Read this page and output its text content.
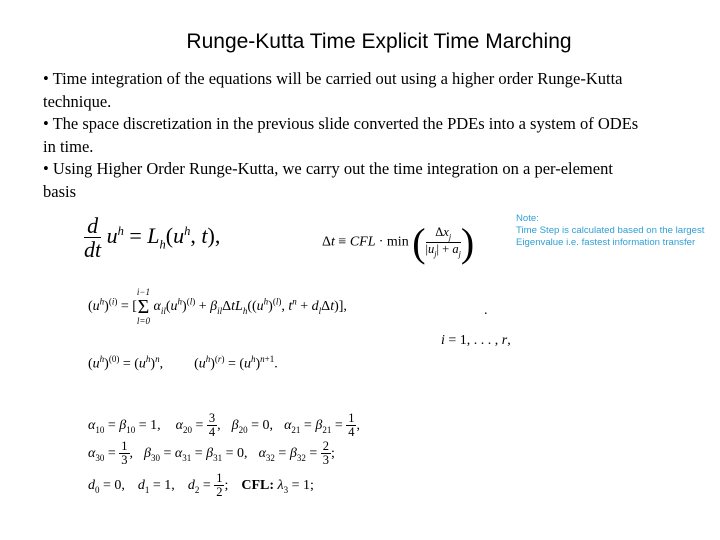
Runge-Kutta Time Explicit Time Marching

• Time integration of the equations will be carried out using a higher order Runge-Kutta technique.

• The space discretization in the previous slide converted the PDEs into a system of ODEs in time.

• Using Higher Order Runge-Kutta, we carry out the time integration on a per-element basis

Note:
Time Step is calculated based on the largest Eigenvalue i.e. fastest information transfer
$\frac{d}{dt} u^h = L_h(u^h$, t),	Δt ≡ CFL · min ( $\frac{\Delta x_j}{|u_j| + a_j}$ )
$(u^h)^{(i)}$ = [
i−1
Σ
l=0
$\alpha_{il}(u^h)^{(l)} + \beta_{il}\Delta tL_h((u^h)^{(l)}$, $t^n + d_l\Delta t$)],	.
i = 1, . . . , r,
$(u^h)^{(0)} = (u^h)^n$, $(u^h)^{(r)} = (u^h)^{n+1}$.
$\alpha_{10} = \beta_{10} = 1$,  $\alpha_{20} = \frac{3}{4}$ ,  $\beta_{20} = 0$,  $\alpha_{21} = \beta_{21} = \frac{1}{4}$ ,
$\alpha_{30} = \frac{1}{3}$ ,  $\beta_{30} = \alpha_{31} = \beta_{31} = 0$,  $\alpha_{32} = \beta_{32} = \frac{2}{3}$ ;
$d_0 = 0$,  $d_1 = 1$,  $d_2 = \frac{1}{2}$ ; CFL: $\lambda_3 = 1$;
